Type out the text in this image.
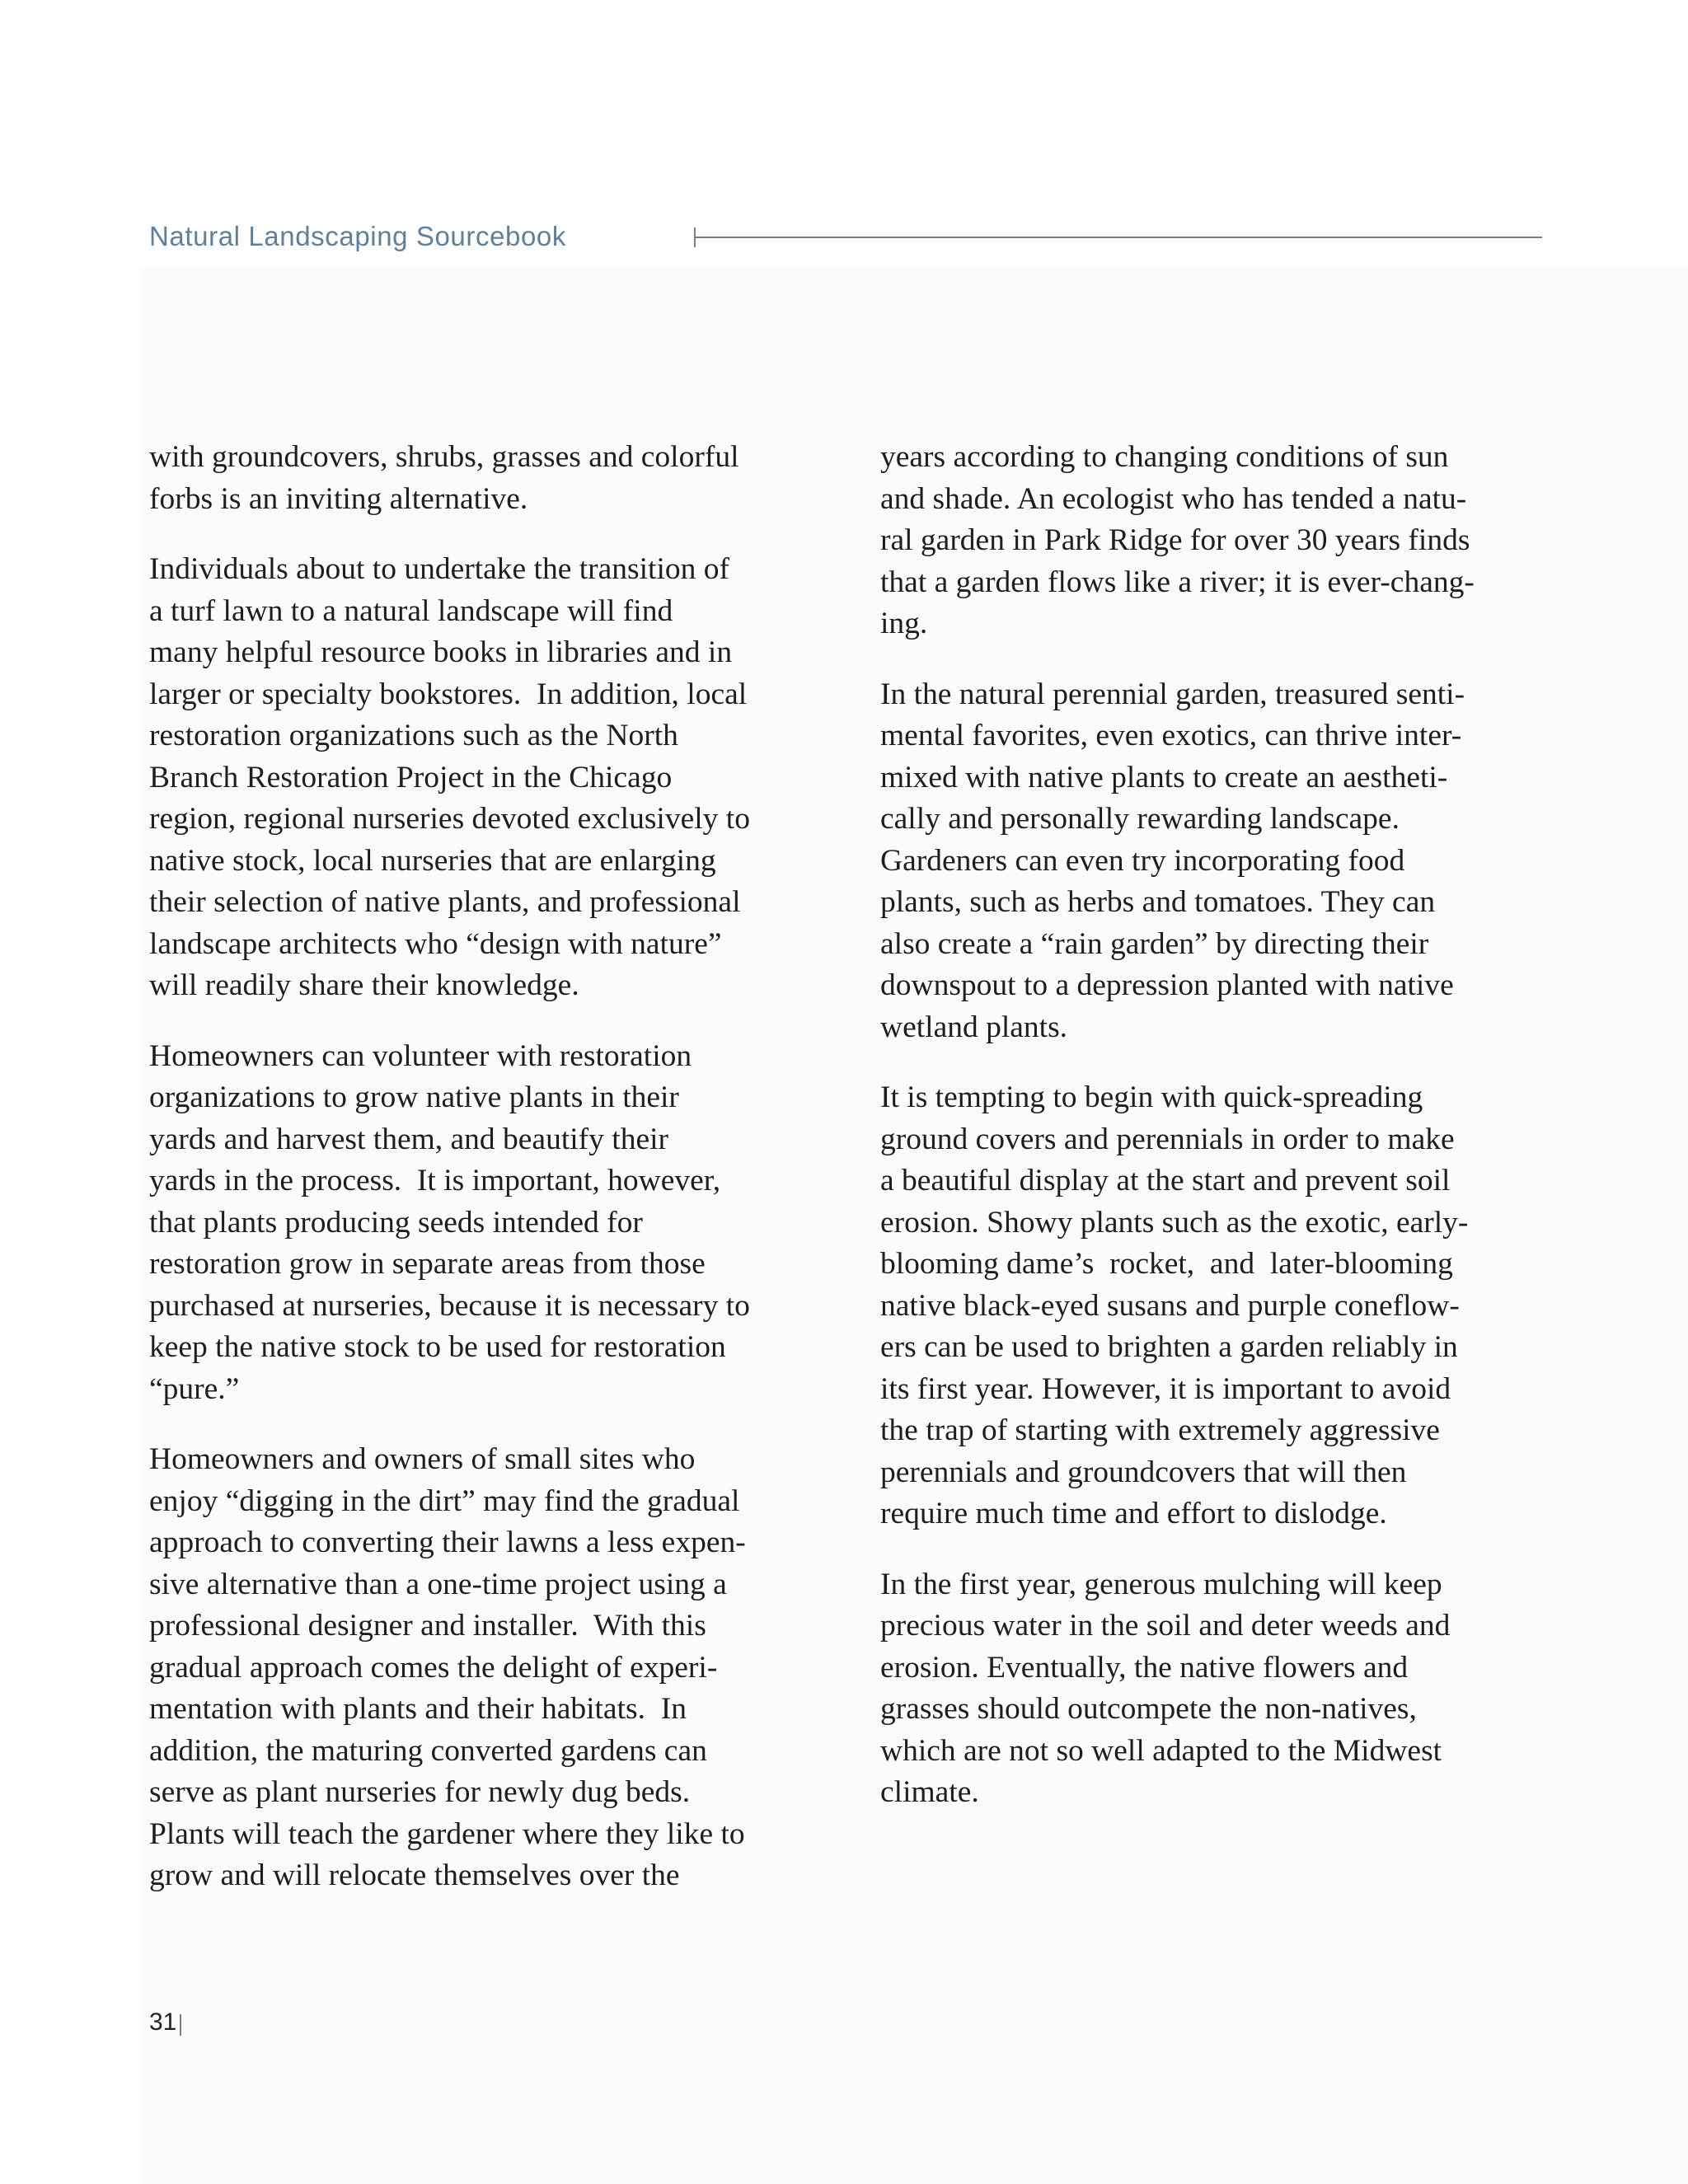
Natural Landscaping Sourcebook
with groundcovers, shrubs, grasses and colorful
forbs is an inviting alternative.
Individuals about to undertake the transition of
a turf lawn to a natural landscape will find
many helpful resource books in libraries and in
larger or specialty bookstores.  In addition, local
restoration organizations such as the North
Branch Restoration Project in the Chicago
region, regional nurseries devoted exclusively to
native stock, local nurseries that are enlarging
their selection of native plants, and professional
landscape architects who “design with nature”
will readily share their knowledge.
Homeowners can volunteer with restoration
organizations to grow native plants in their
yards and harvest them, and beautify their
yards in the process.  It is important, however,
that plants producing seeds intended for
restoration grow in separate areas from those
purchased at nurseries, because it is necessary to
keep the native stock to be used for restoration
“pure.”
Homeowners and owners of small sites who
enjoy “digging in the dirt” may find the gradual
approach to converting their lawns a less expen-
sive alternative than a one-time project using a
professional designer and installer.  With this
gradual approach comes the delight of experi-
mentation with plants and their habitats.  In
addition, the maturing converted gardens can
serve as plant nurseries for newly dug beds.
Plants will teach the gardener where they like to
grow and will relocate themselves over the
years according to changing conditions of sun
and shade. An ecologist who has tended a natu-
ral garden in Park Ridge for over 30 years finds
that a garden flows like a river; it is ever-chang-
ing.
In the natural perennial garden, treasured senti-
mental favorites, even exotics, can thrive inter-
mixed with native plants to create an aestheti-
cally and personally rewarding landscape.
Gardeners can even try incorporating food
plants, such as herbs and tomatoes. They can
also create a “rain garden” by directing their
downspout to a depression planted with native
wetland plants.
It is tempting to begin with quick-spreading
ground covers and perennials in order to make
a beautiful display at the start and prevent soil
erosion. Showy plants such as the exotic, early-
blooming dame’s  rocket,  and  later-blooming
native black-eyed susans and purple coneflow-
ers can be used to brighten a garden reliably in
its first year. However, it is important to avoid
the trap of starting with extremely aggressive
perennials and groundcovers that will then
require much time and effort to dislodge.
In the first year, generous mulching will keep
precious water in the soil and deter weeds and
erosion. Eventually, the native flowers and
grasses should outcompete the non-natives,
which are not so well adapted to the Midwest
climate.
31
